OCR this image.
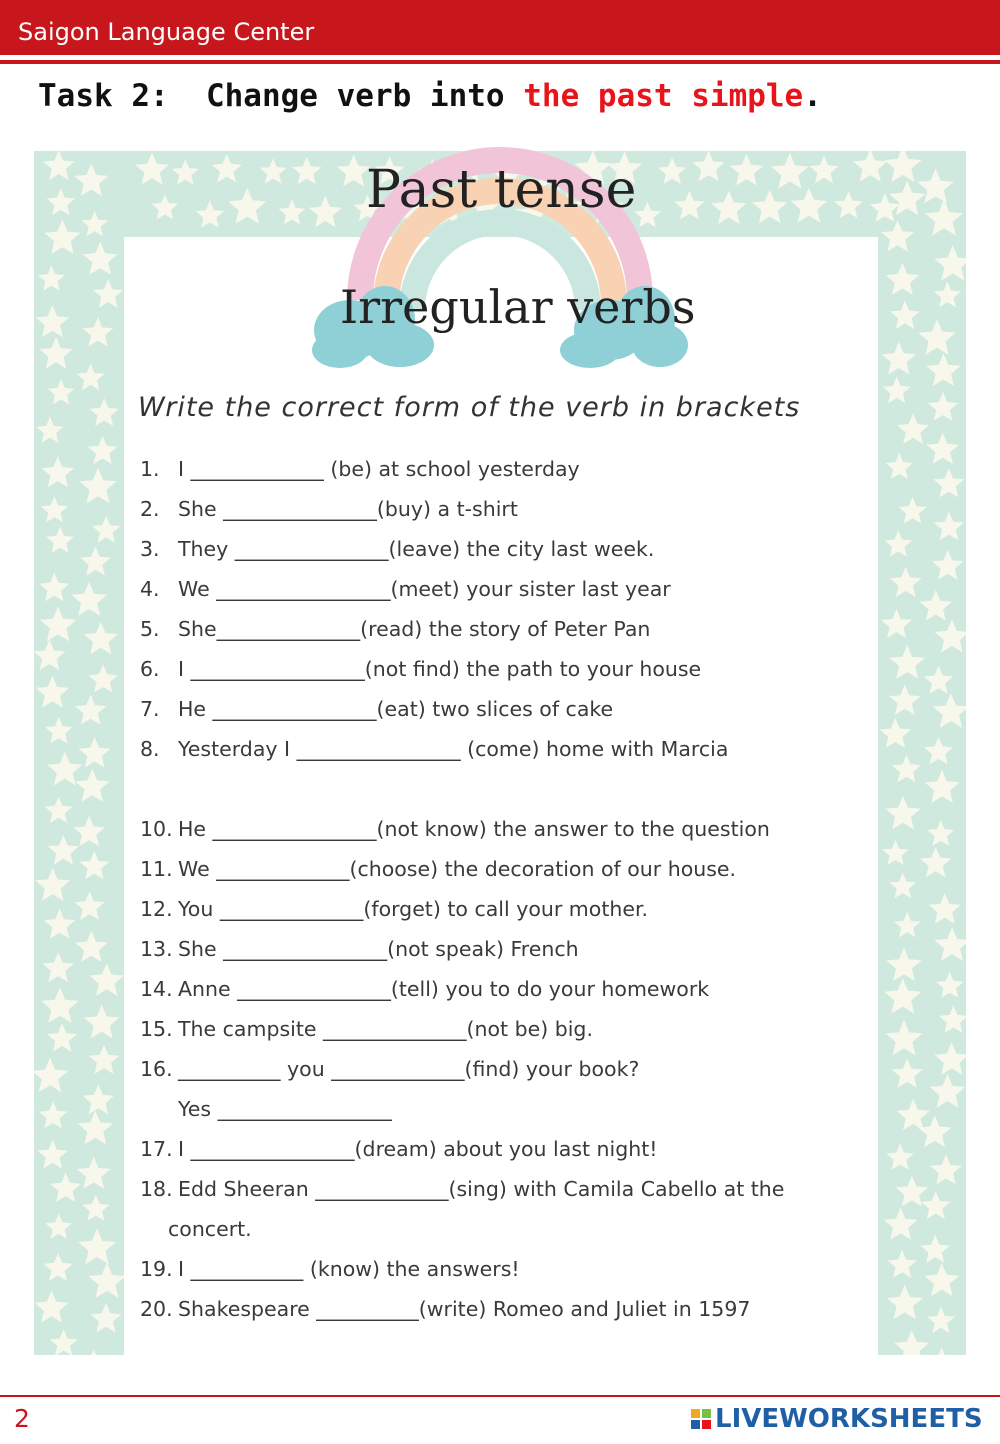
Saigon Language Center
Task 2:  Change verb into the past simple.
Past tense
Irregular verbs
Write the correct form of the verb in brackets
1. I _____________ (be) at school yesterday
2. She _______________(buy) a t-shirt
3. They _______________(leave) the city last week.
4. We _________________(meet) your sister last year
5. She______________(read) the story of Peter Pan
6. I _________________(not find) the path to your house
7. He ________________(eat) two slices of cake
8. Yesterday I ________________ (come) home with Marcia
10. He ________________(not know) the answer to the question
11. We _____________(choose) the decoration of our house.
12. You ______________(forget) to call your mother.
13. She ________________(not speak) French
14. Anne _______________(tell) you to do your homework
15. The campsite ______________(not be) big.
16. __________ you _____________(find) your book?
Yes _________________
17. I ________________(dream) about you last night!
18. Edd Sheeran _____________(sing) with Camila Cabello at the
concert.
19. I ___________ (know) the answers!
20. Shakespeare __________(write) Romeo and Juliet in 1597
2	LIVEWORKSHEETS
